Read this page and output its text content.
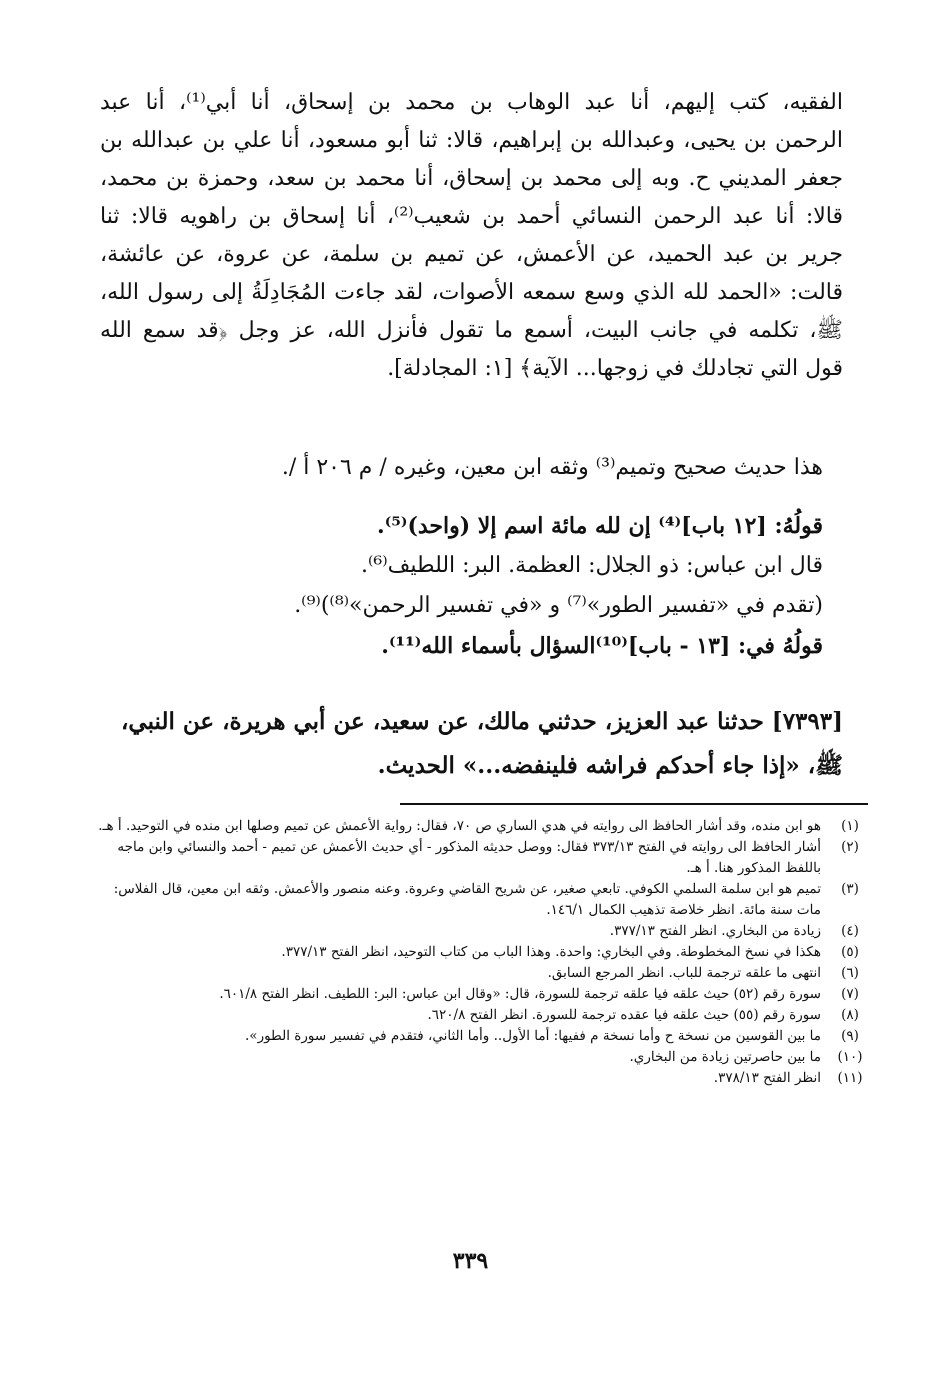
الفقيه، كتب إليهم، أنا عبد الوهاب بن محمد بن إسحاق، أنا أبي⁽¹⁾، أنا عبد
الرحمن بن يحيى، وعبدالله بن إبراهيم، قالا: ثنا أبو مسعود، أنا علي بن عبدالله بن
جعفر المديني ح. وبه إلى محمد بن إسحاق، أنا محمد بن سعد، وحمزة بن محمد،
قالا: أنا عبد الرحمن النسائي أحمد بن شعيب⁽²⁾، أنا إسحاق بن راهويه قالا: ثنا
جرير بن عبد الحميد، عن الأعمش، عن تميم بن سلمة، عن عروة، عن عائشة،
قالت: «الحمد لله الذي وسع سمعه الأصوات، لقد جاءت المُجَادِلَةُ إلى رسول الله،
ﷺ، تكلمه في جانب البيت، أسمع ما تقول فأنزل الله، عز وجل ﴿قد سمع الله
قول التي تجادلك في زوجها... الآية﴾ [١: المجادلة].
هذا حديث صحيح وتميم⁽³⁾ وثقه ابن معين، وغيره / م ٢٠٦ أ /.
قولُهُ: [١٢ باب]⁽⁴⁾ إن لله مائة اسم إلا (واحد)⁽⁵⁾.
قال ابن عباس: ذو الجلال: العظمة. البر: اللطيف⁽⁶⁾.
(تقدم في «تفسير الطور»⁽⁷⁾ و «في تفسير الرحمن»⁽⁸⁾)⁽⁹⁾.
قولُهُ في: [١٣ - باب]⁽¹⁰⁾السؤال بأسماء الله⁽¹¹⁾.
[٧٣٩٣] حدثنا عبد العزيز، حدثني مالك، عن سعيد، عن أبي هريرة، عن النبي،
ﷺ، «إذا جاء أحدكم فراشه فلينفضه...» الحديث.
(١)
هو ابن منده، وقد أشار الحافظ الى روايته في هدي الساري ص ٧٠، فقال: رواية الأعمش عن تميم وصلها ابن منده في التوحيد. أ هـ.
(٢)
أشار الحافظ الى روايته في الفتح ٣٧٣/١٣ فقال: ووصل حديثه المذكور - أي حديث الأعمش عن تميم - أحمد والنسائي وابن ماجه باللفظ المذكور هنا. أ هـ.
(٣)
تميم هو ابن سلمة السلمي الكوفي. تابعي صغير، عن شريح القاضي وعروة. وعنه منصور والأعمش. وثقه ابن معين، قال الفلاس: مات سنة مائة. انظر خلاصة تذهيب الكمال ١٤٦/١.
(٤)
زيادة من البخاري. انظر الفتح ٣٧٧/١٣.
(٥)
هكذا في نسخ المخطوطة. وفي البخاري: واحدة. وهذا الباب من كتاب التوحيد، انظر الفتح ٣٧٧/١٣.
(٦)
انتهى ما علقه ترجمة للباب. انظر المرجع السابق.
(٧)
سورة رقم (٥٢) حيث علقه فيا علقه ترجمة للسورة، قال: «وقال ابن عباس: البر: اللطيف. انظر الفتح ٦٠١/٨.
(٨)
سورة رقم (٥٥) حيث علقه فيا عقده ترجمة للسورة. انظر الفتح ٦٢٠/٨.
(٩)
ما بين القوسين من نسخة ح وأما نسخة م ففيها: أما الأول.. وأما الثاني، فتقدم في تفسير سورة الطور».
(١٠)
ما بين حاصرتين زيادة من البخاري.
(١١)
انظر الفتح ٣٧٨/١٣.
٣٣٩
